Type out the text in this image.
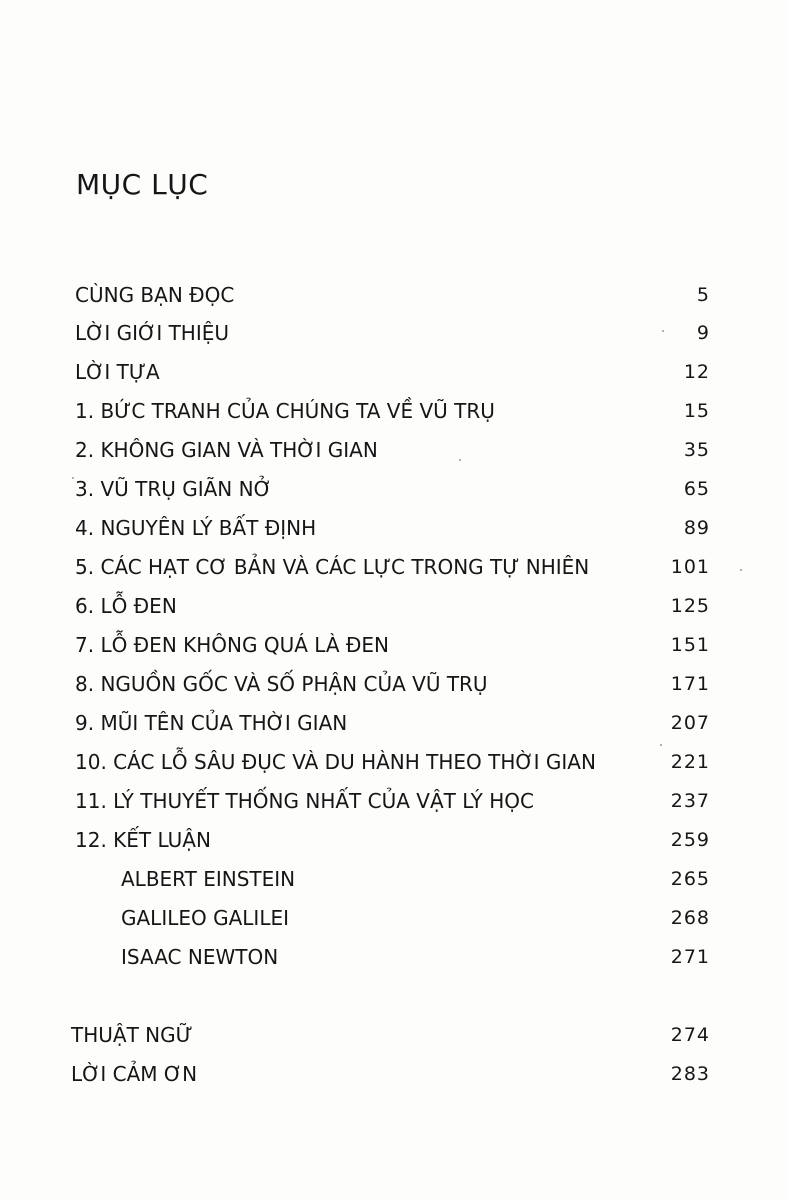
MỤC LỤC
CÙNG BẠN ĐỌC	5
LỜI GIỚI THIỆU	9
LỜI TỰA	12
1. BỨC TRANH CỦA CHÚNG TA VỀ VŨ TRỤ	15
2. KHÔNG GIAN VÀ THỜI GIAN	35
3. VŨ TRỤ GIÃN NỞ	65
4. NGUYÊN LÝ BẤT ĐỊNH	89
5. CÁC HẠT CƠ BẢN VÀ CÁC LỰC TRONG TỰ NHIÊN	101
6. LỖ ĐEN	125
7. LỖ ĐEN KHÔNG QUÁ LÀ ĐEN	151
8. NGUỒN GỐC VÀ SỐ PHẬN CỦA VŨ TRỤ	171
9. MŨI TÊN CỦA THỜI GIAN	207
10. CÁC LỖ SÂU ĐỤC VÀ DU HÀNH THEO THỜI GIAN	221
11. LÝ THUYẾT THỐNG NHẤT CỦA VẬT LÝ HỌC	237
12. KẾT LUẬN	259
ALBERT EINSTEIN	265
GALILEO GALILEI	268
ISAAC NEWTON	271
THUẬT NGỮ	274
LỜI CẢM ƠN	283
